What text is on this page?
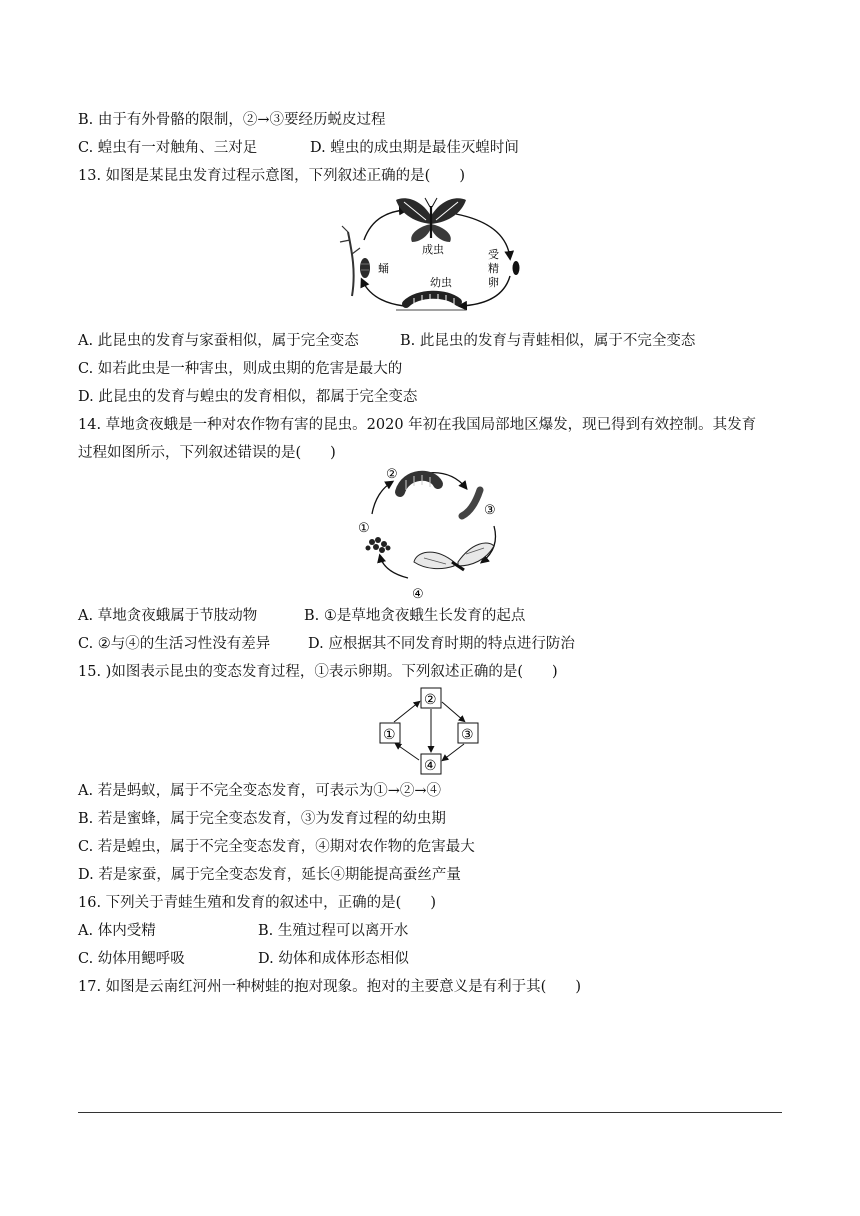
B. 由于有外骨骼的限制，②→③要经历蜕皮过程

C. 蝗虫有一对触角、三对足	D. 蝗虫的成虫期是最佳灭蝗时间

13. 如图是某昆虫发育过程示意图，下列叙述正确的是(　　)

成虫	受
精
卵
幼虫
蛹

A. 此昆虫的发育与家蚕相似，属于完全变态	B. 此昆虫的发育与青蛙相似，属于不完全变态

C. 如若此虫是一种害虫，则成虫期的危害是最大的

D. 此昆虫的发育与蝗虫的发育相似，都属于完全变态

14. 草地贪夜蛾是一种对农作物有害的昆虫。2020 年初在我国局部地区爆发，现已得到有效控制。其发育

过程如图所示，下列叙述错误的是(　　)

②
③
①
④

A. 草地贪夜蛾属于节肢动物	B. ①是草地贪夜蛾生长发育的起点

C. ②与④的生活习性没有差异	D. 应根据其不同发育时期的特点进行防治

15. )如图表示昆虫的变态发育过程，①表示卵期。下列叙述正确的是(　　)

②
①	③
④

A. 若是蚂蚁，属于不完全变态发育，可表示为①→②→④

B. 若是蜜蜂，属于完全变态发育，③为发育过程的幼虫期

C. 若是蝗虫，属于不完全变态发育，④期对农作物的危害最大

D. 若是家蚕，属于完全变态发育，延长④期能提高蚕丝产量

16. 下列关于青蛙生殖和发育的叙述中，正确的是(　　)

A. 体内受精	B. 生殖过程可以离开水

C. 幼体用鳃呼吸	D. 幼体和成体形态相似

17. 如图是云南红河州一种树蛙的抱对现象。抱对的主要意义是有利于其(　　)
